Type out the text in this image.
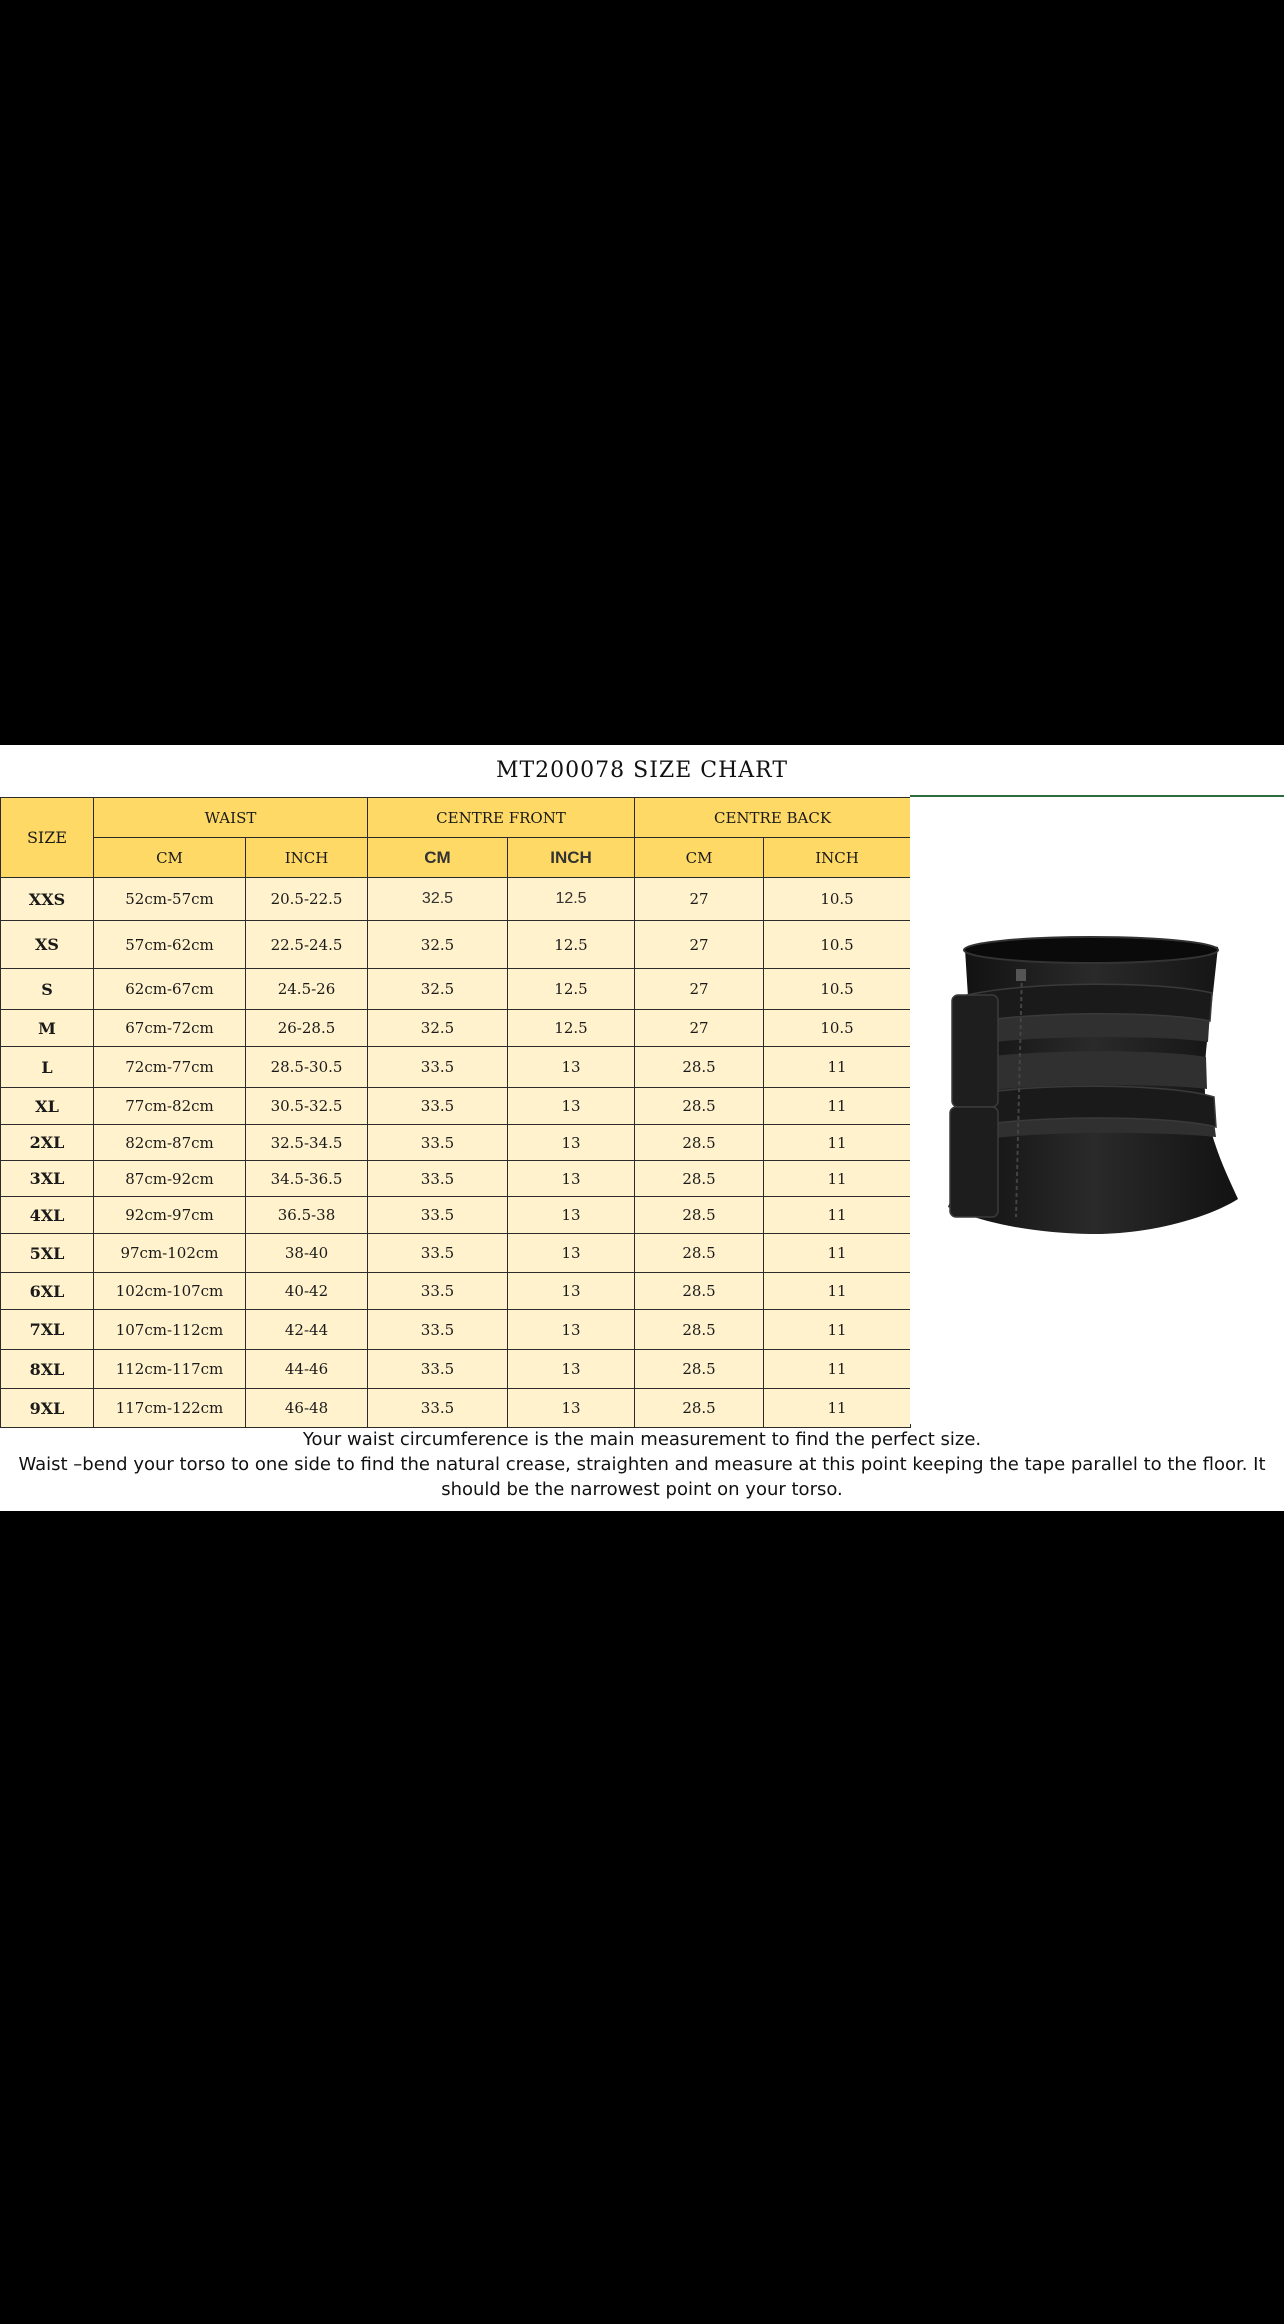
MT200078 SIZE CHART
SIZE	WAIST		CENTRE FRONT		CENTRE BACK	
	CM	INCH	CM	INCH	CM	INCH
XXS	52cm-57cm	20.5-22.5	32.5	12.5	27	10.5
XS	57cm-62cm	22.5-24.5	32.5	12.5	27	10.5
S	62cm-67cm	24.5-26	32.5	12.5	27	10.5
M	67cm-72cm	26-28.5	32.5	12.5	27	10.5
L	72cm-77cm	28.5-30.5	33.5	13	28.5	11
XL	77cm-82cm	30.5-32.5	33.5	13	28.5	11
2XL	82cm-87cm	32.5-34.5	33.5	13	28.5	11
3XL	87cm-92cm	34.5-36.5	33.5	13	28.5	11
4XL	92cm-97cm	36.5-38	33.5	13	28.5	11
5XL	97cm-102cm	38-40	33.5	13	28.5	11
6XL	102cm-107cm	40-42	33.5	13	28.5	11
7XL	107cm-112cm	42-44	33.5	13	28.5	11
8XL	112cm-117cm	44-46	33.5	13	28.5	11
9XL	117cm-122cm	46-48	33.5	13	28.5	11

Your waist circumference is the main measurement to find the perfect size.

Waist –bend your torso to one side to find the natural crease, straighten and measure at this point keeping the tape parallel to the floor. It should be the narrowest point on your torso.
